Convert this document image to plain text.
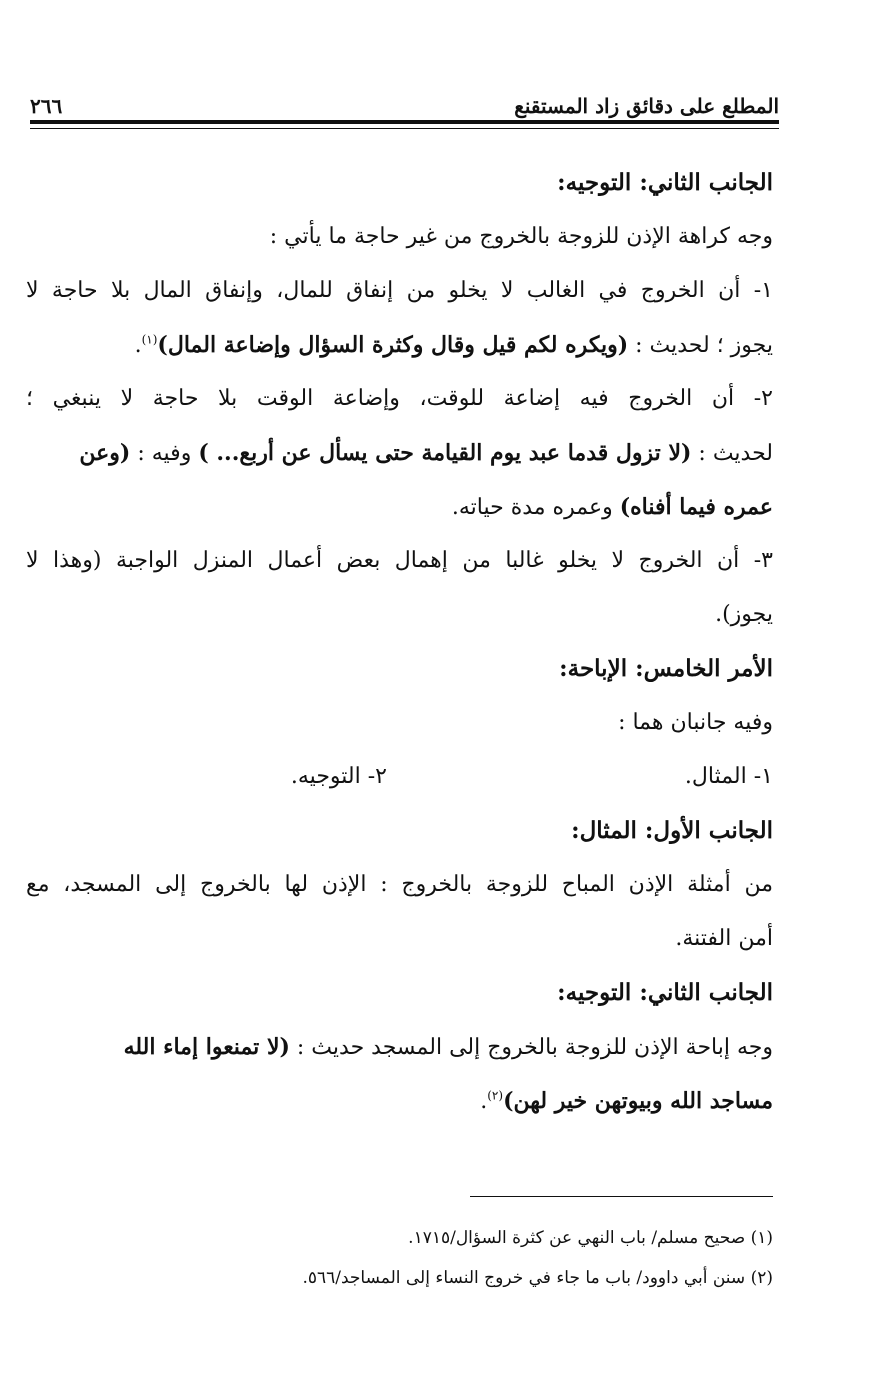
المطلع على دقائق زاد المستقنع
٢٦٦
الجانب الثاني: التوجيه:
وجه كراهة الإذن للزوجة بالخروج من غير حاجة ما يأتي :
١- أن الخروج في الغالب لا يخلو من إنفاق للمال، وإنفاق المال بلا حاجة لا
يجوز ؛ لحديث : (ويكره لكم قيل وقال وكثرة السؤال وإضاعة المال)$^{(١)}$.
٢- أن الخروج فيه إضاعة للوقت، وإضاعة الوقت بلا حاجة لا ينبغي ؛
لحديث : (لا تزول قدما عبد يوم القيامة حتى يسأل عن أربع... ) وفيه : (وعن
عمره فيما أفناه) وعمره مدة حياته.
٣- أن الخروج لا يخلو غالبا من إهمال بعض أعمال المنزل الواجبة (وهذا لا
يجوز).
الأمر الخامس: الإباحة:
وفيه جانبان هما :
١- المثال.
٢- التوجيه.
الجانب الأول: المثال:
من أمثلة الإذن المباح للزوجة بالخروج : الإذن لها بالخروج إلى المسجد، مع
أمن الفتنة.
الجانب الثاني: التوجيه:
وجه إباحة الإذن للزوجة بالخروج إلى المسجد حديث : (لا تمنعوا إماء الله
مساجد الله وبيوتهن خير لهن)$^{(٢)}$.
(١) صحيح مسلم/ باب النهي عن كثرة السؤال/١٧١٥.
(٢) سنن أبي داوود/ باب ما جاء في خروج النساء إلى المساجد/٥٦٦.
